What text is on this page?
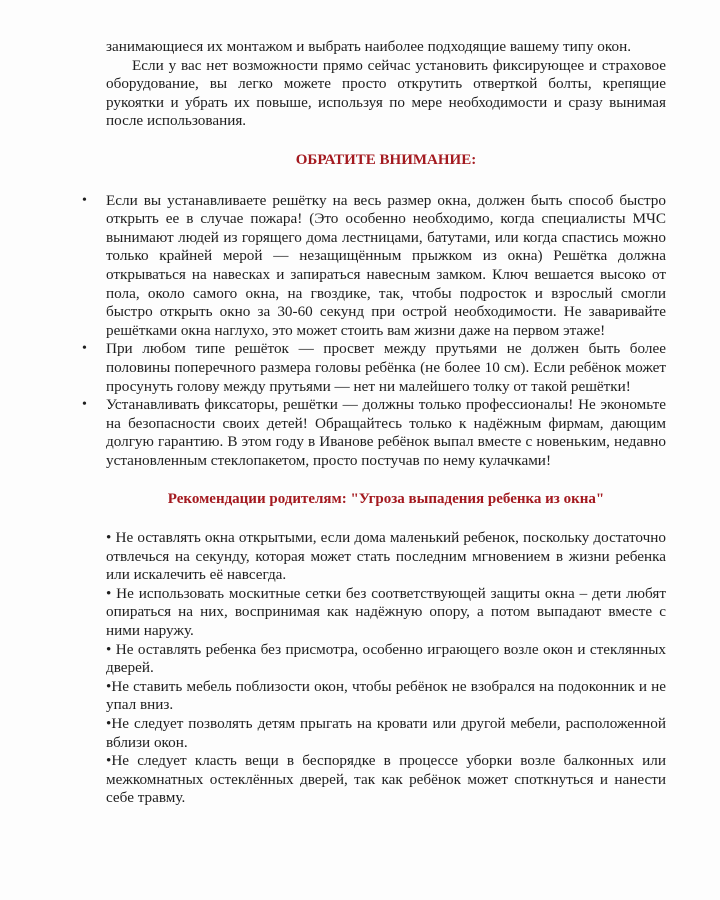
занимающиеся их монтажом и выбрать наиболее подходящие вашему типу окон.

Если у вас нет возможности прямо сейчас установить фиксирующее и страховое оборудование, вы легко можете просто открутить отверткой болты, крепящие рукоятки и убрать их повыше, используя по мере необходимости и сразу вынимая после использования.

ОБРАТИТЕ ВНИМАНИЕ:

• Если вы устанавливаете решётку на весь размер окна, должен быть способ быстро открыть ее в случае пожара! (Это особенно необходимо, когда специалисты МЧС вынимают людей из горящего дома лестницами, батутами, или когда спастись можно только крайней мерой — незащищённым прыжком из окна) Решётка должна открываться на навесках и запираться навесным замком. Ключ вешается высоко от пола, около самого окна, на гвоздике, так, чтобы подросток и взрослый смогли быстро открыть окно за 30-60 секунд при острой необходимости. Не заваривайте решётками окна наглухо, это может стоить вам жизни даже на первом этаже!
• При любом типе решёток — просвет между прутьями не должен быть более половины поперечного размера головы ребёнка (не более 10 см). Если ребёнок может просунуть голову между прутьями — нет ни малейшего толку от такой решётки!
• Устанавливать фиксаторы, решётки — должны только профессионалы! Не экономьте на безопасности своих детей! Обращайтесь только к надёжным фирмам, дающим долгую гарантию. В этом году в Иванове ребёнок выпал вместе с новеньким, недавно установленным стеклопакетом, просто постучав по нему кулачками!

Рекомендации родителям: "Угроза выпадения ребенка из окна"

• Не оставлять окна открытыми, если дома маленький ребенок, поскольку достаточно отвлечься на секунду, которая может стать последним мгновением в жизни ребенка или искалечить её навсегда.

• Не использовать москитные сетки без соответствующей защиты окна – дети любят опираться на них, воспринимая как надёжную опору, а потом выпадают вместе с ними наружу.

• Не оставлять ребенка без присмотра, особенно играющего возле окон и стеклянных дверей.

•Не ставить мебель поблизости окон, чтобы ребёнок не взобрался на подоконник и не упал вниз.

•Не следует позволять детям прыгать на кровати или другой мебели, расположенной вблизи окон.

•Не следует класть вещи в беспорядке в процессе уборки возле балконных или межкомнатных остеклённых дверей, так как ребёнок может споткнуться и нанести себе травму.
